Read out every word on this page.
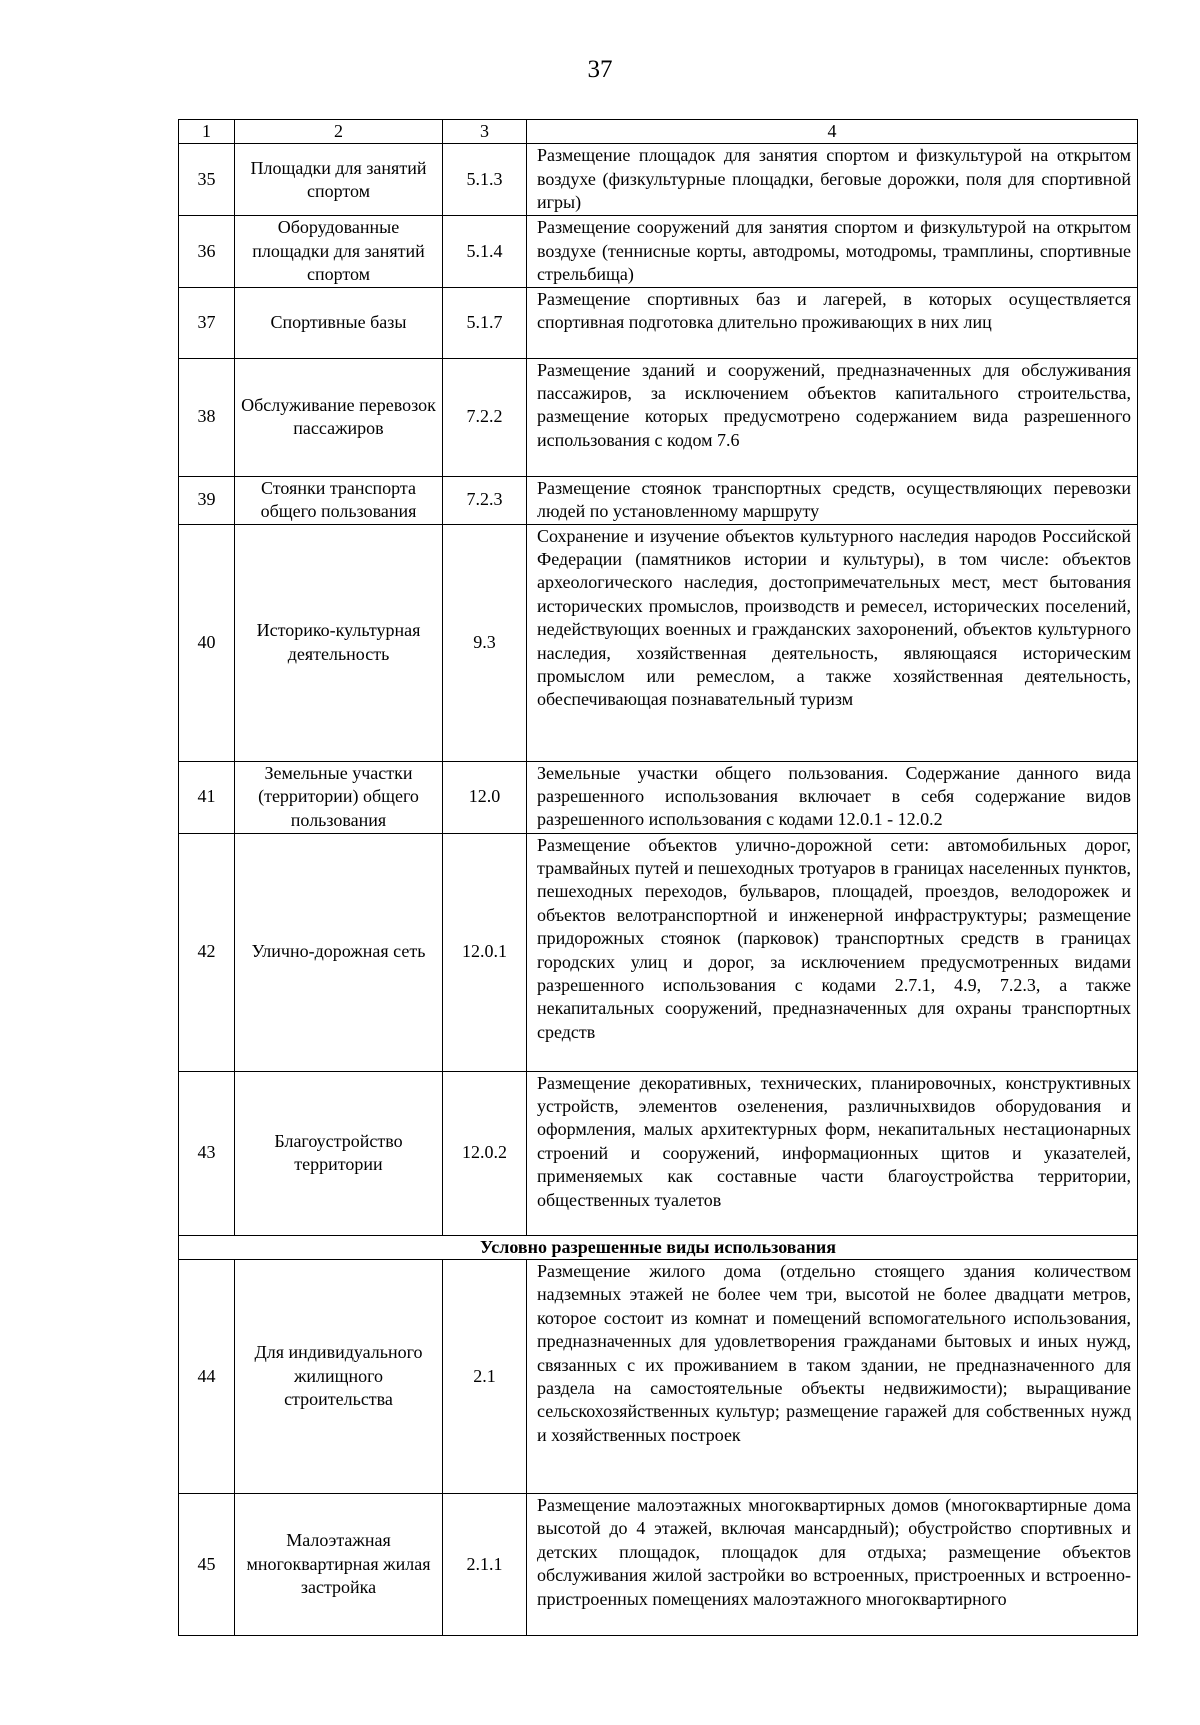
37
1	2	3	4
35	Площадки для занятий спортом	5.1.3	Размещение площадок для занятия спортом и физкультурой на открытом воздухе (физкультурные площадки, беговые дорожки, поля для спортивной игры)
36	Оборудованные площадки для занятий спортом	5.1.4	Размещение сооружений для занятия спортом и физкультурой на открытом воздухе (теннисные корты, автодромы, мотодромы, трамплины, спортивные стрельбища)
37	Спортивные базы	5.1.7	Размещение спортивных баз и лагерей, в которых осуществляется спортивная подготовка длительно проживающих в них лиц
38	Обслуживание перевозок пассажиров	7.2.2	Размещение зданий и сооружений, предназначенных для обслуживания пассажиров, за исключением объектов капитального строительства, размещение которых предусмотрено содержанием вида разрешенного использования с кодом 7.6
39	Стоянки транспорта общего пользования	7.2.3	Размещение стоянок транспортных средств, осуществляющих перевозки людей по установленному маршруту
40	Историко-культурная деятельность	9.3	Сохранение и изучение объектов культурного наследия народов Российской Федерации (памятников истории и культуры), в том числе: объектов археологического наследия, достопримечательных мест, мест бытования исторических промыслов, производств и ремесел, исторических поселений, недействующих военных и гражданских захоронений, объектов культурного наследия, хозяйственная деятельность, являющаяся историческим промыслом или ремеслом, а также хозяйственная деятельность, обеспечивающая познавательный туризм
41	Земельные участки (территории) общего пользования	12.0	Земельные участки общего пользования. Содержание данного вида разрешенного использования включает в себя содержание видов разрешенного использования с кодами 12.0.1 - 12.0.2
42	Улично-дорожная сеть	12.0.1	Размещение объектов улично-дорожной сети: автомобильных дорог, трамвайных путей и пешеходных тротуаров в границах населенных пунктов, пешеходных переходов, бульваров, площадей, проездов, велодорожек и объектов велотранспортной и инженерной инфраструктуры; размещение придорожных стоянок (парковок) транспортных средств в границах городских улиц и дорог, за исключением предусмотренных видами разрешенного использования с кодами 2.7.1, 4.9, 7.2.3, а также некапитальных сооружений, предназначенных для охраны транспортных средств
43	Благоустройство территории	12.0.2	Размещение декоративных, технических, планировочных, конструктивных устройств, элементов озеленения, различныхвидов оборудования и оформления, малых архитектурных форм, некапитальных нестационарных строений и сооружений, информационных щитов и указателей, применяемых как составные части благоустройства территории, общественных туалетов
Условно разрешенные виды использования			
44	Для индивидуального жилищного строительства	2.1	Размещение жилого дома (отдельно стоящего здания количеством надземных этажей не более чем три, высотой не более двадцати метров, которое состоит из комнат и помещений вспомогательного использования, предназначенных для удовлетворения гражданами бытовых и иных нужд, связанных с их проживанием в таком здании, не предназначенного для раздела на самостоятельные объекты недвижимости); выращивание сельскохозяйственных культур; размещение гаражей для собственных нужд и хозяйственных построек
45	Малоэтажная многоквартирная жилая застройка	2.1.1	Размещение малоэтажных многоквартирных домов (многоквартирные дома высотой до 4 этажей, включая мансардный); обустройство спортивных и детских площадок, площадок для отдыха; размещение объектов обслуживания жилой застройки во встроенных, пристроенных и встроенно-пристроенных помещениях малоэтажного многоквартирного
